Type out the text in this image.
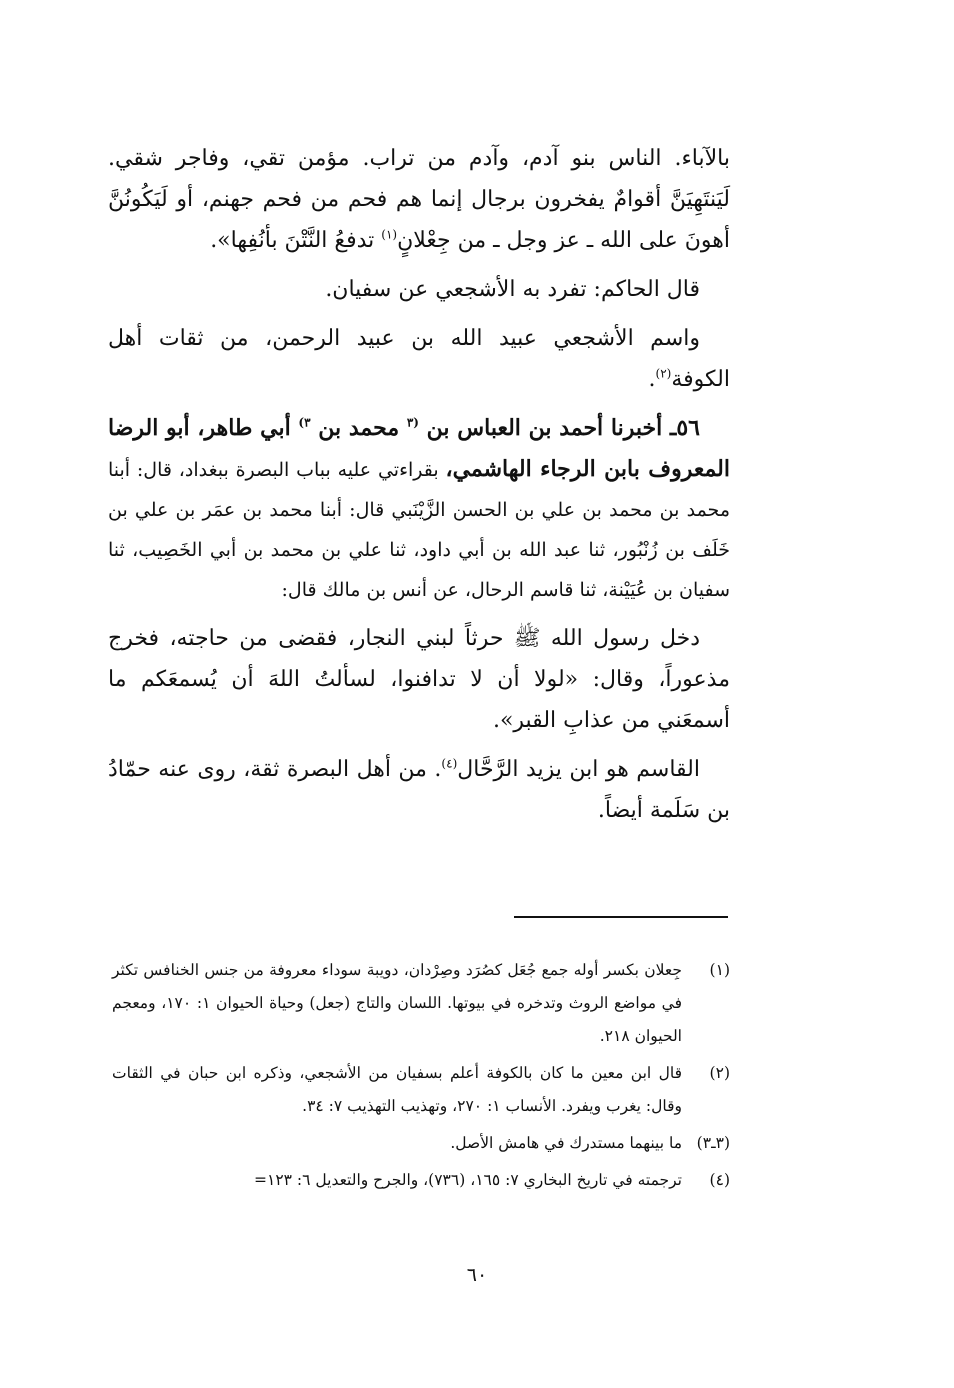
بالآباء. الناس بنو آدم، وآدم من تراب. مؤمن تقي، وفاجر شقي. لَيَنتَهِيَنَّ أقوامٌ يفخرون برجال إنما هم فحم من فحم جهنم، أو لَيَكُونُنَّ أهونَ على الله ـ عز وجل ـ من جِعْلانٍ$^{(١)}$ تدفعُ النَّتْنَ بأنُفِها».

قال الحاكم: تفرد به الأشجعي عن سفيان.

واسم الأشجعي عبيد الله بن عبيد الرحمن، من ثقات أهل الكوفة$^{(٢)}$.

٥٦ـ أخبرنا أحمد بن العباس بن $^{(٣}$ محمد بن $^{٣)}$ أبي طاهر، أبو الرضا المعروف بابن الرجاء الهاشمي، بقراءتي عليه بباب البصرة ببغداد، قال: أبنا محمد بن محمد بن علي بن الحسن الزَّيْنَبي قال: أبنا محمد بن عمَر بن علي بن خَلَف بن زُنْبُور، ثنا عبد الله بن أبي داود، ثنا علي بن محمد بن أبي الخَصِيب، ثنا سفيان بن عُيَيْنة، ثنا قاسم الرحال، عن أنس بن مالك قال:

دخل رسول الله ﷺ حرثاً لبني النجار، فقضى من حاجته، فخرج مذعوراً، وقال: «لولا أن لا تدافنوا، لسألتُ اللهَ أن يُسمعَكم ما أسمعَني من عذابِ القبر».

القاسم هو ابن يزيد الرَّحَّال$^{(٤)}$. من أهل البصرة ثقة، روى عنه حمّادُ بن سَلَمة أيضاً.

(١)
جِعلان بكسر أوله جمع جُعَل كصُرَد وصِرْدان، دويبة سوداء معروفة من جنس الخنافس تكثر في مواضع الروث وتدخره في بيوتها. اللسان والتاج (جعل) وحياة الحيوان ١: ١٧٠، ومعجم الحيوان ٢١٨.
(٢)
قال ابن معين ما كان بالكوفة أعلم بسفيان من الأشجعي، وذكره ابن حبان في الثقات وقال: يغرب ويفرد. الأنساب ١: ٢٧٠، وتهذيب التهذيب ٧: ٣٤.
(٣ـ٣)
ما بينهما مستدرك في هامش الأصل.
(٤)
ترجمته في تاريخ البخاري ٧: ١٦٥، (٧٣٦)، والجرح والتعديل ٦: ١٢٣=
٦٠
